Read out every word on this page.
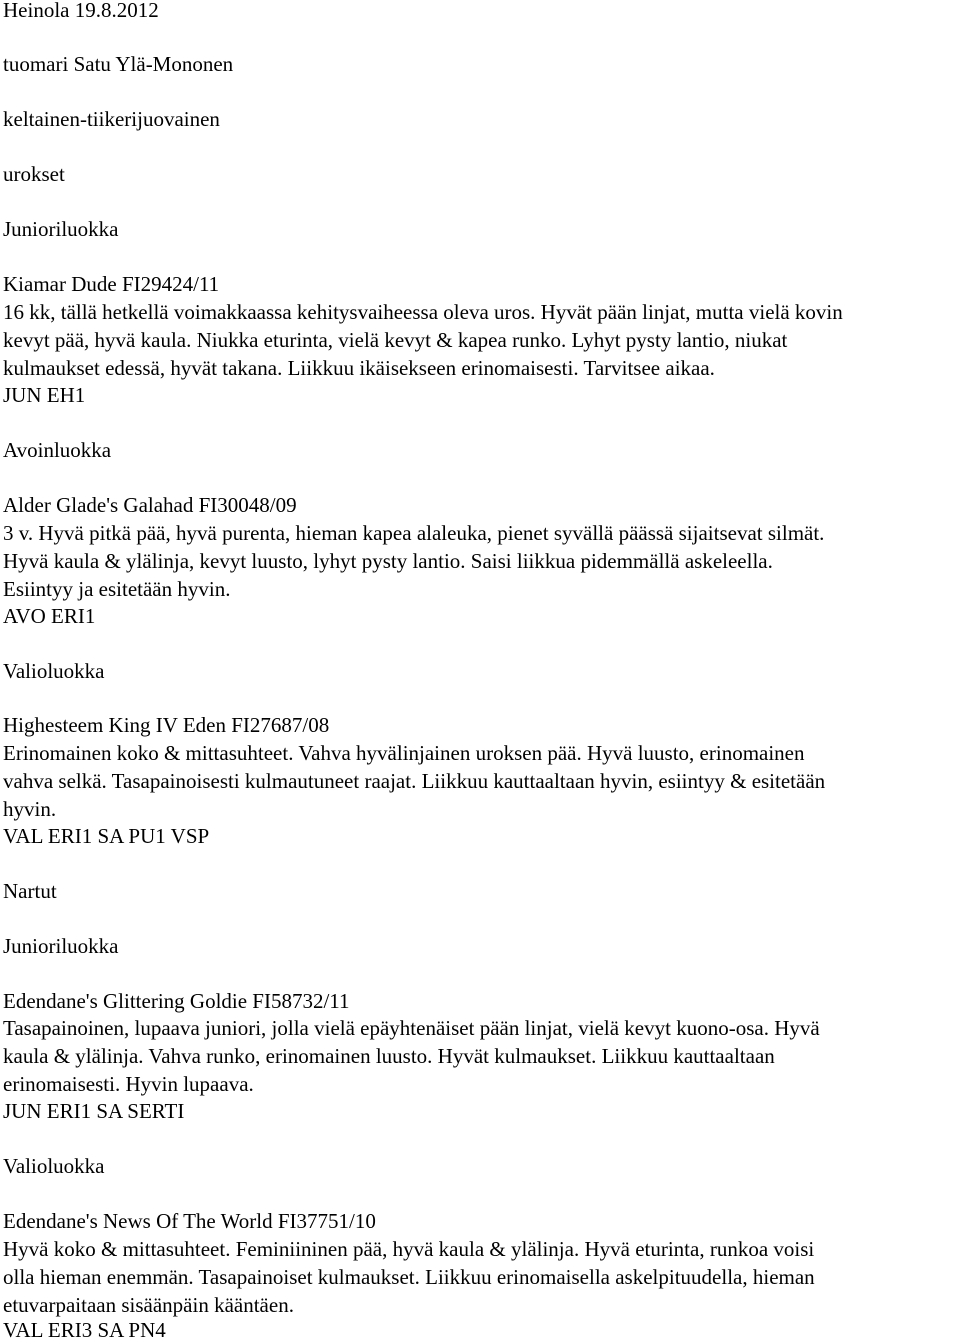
Heinola 19.8.2012
tuomari Satu Ylä-Mononen
keltainen-tiikerijuovainen
urokset
Junioriluokka
Kiamar Dude FI29424/11
16 kk, tällä hetkellä voimakkaassa kehitysvaiheessa oleva uros. Hyvät pään linjat, mutta vielä kovin
kevyt pää, hyvä kaula. Niukka eturinta, vielä kevyt & kapea runko. Lyhyt pysty lantio, niukat
kulmaukset edessä, hyvät takana. Liikkuu ikäisekseen erinomaisesti. Tarvitsee aikaa.
JUN EH1
Avoinluokka
Alder Glade's Galahad FI30048/09
3 v. Hyvä pitkä pää, hyvä purenta, hieman kapea alaleuka, pienet syvällä päässä sijaitsevat silmät.
Hyvä kaula & ylälinja, kevyt luusto, lyhyt pysty lantio. Saisi liikkua pidemmällä askeleella.
Esiintyy ja esitetään hyvin.
AVO ERI1
Valioluokka
Highesteem King IV Eden FI27687/08
Erinomainen koko & mittasuhteet. Vahva hyvälinjainen uroksen pää. Hyvä luusto, erinomainen
vahva selkä. Tasapainoisesti kulmautuneet raajat. Liikkuu kauttaaltaan hyvin, esiintyy & esitetään
hyvin.
VAL ERI1 SA PU1 VSP
Nartut
Junioriluokka
Edendane's Glittering Goldie FI58732/11
Tasapainoinen, lupaava juniori, jolla vielä epäyhtenäiset pään linjat, vielä kevyt kuono-osa. Hyvä
kaula & ylälinja. Vahva runko, erinomainen luusto. Hyvät kulmaukset. Liikkuu kauttaaltaan
erinomaisesti. Hyvin lupaava.
JUN ERI1 SA SERTI
Valioluokka
Edendane's News Of The World FI37751/10
Hyvä koko & mittasuhteet. Feminiininen pää, hyvä kaula & ylälinja. Hyvä eturinta, runkoa voisi
olla hieman enemmän. Tasapainoiset kulmaukset. Liikkuu erinomaisella askelpituudella, hieman
etuvarpaitaan sisäänpäin kääntäen.
VAL ERI3 SA PN4
